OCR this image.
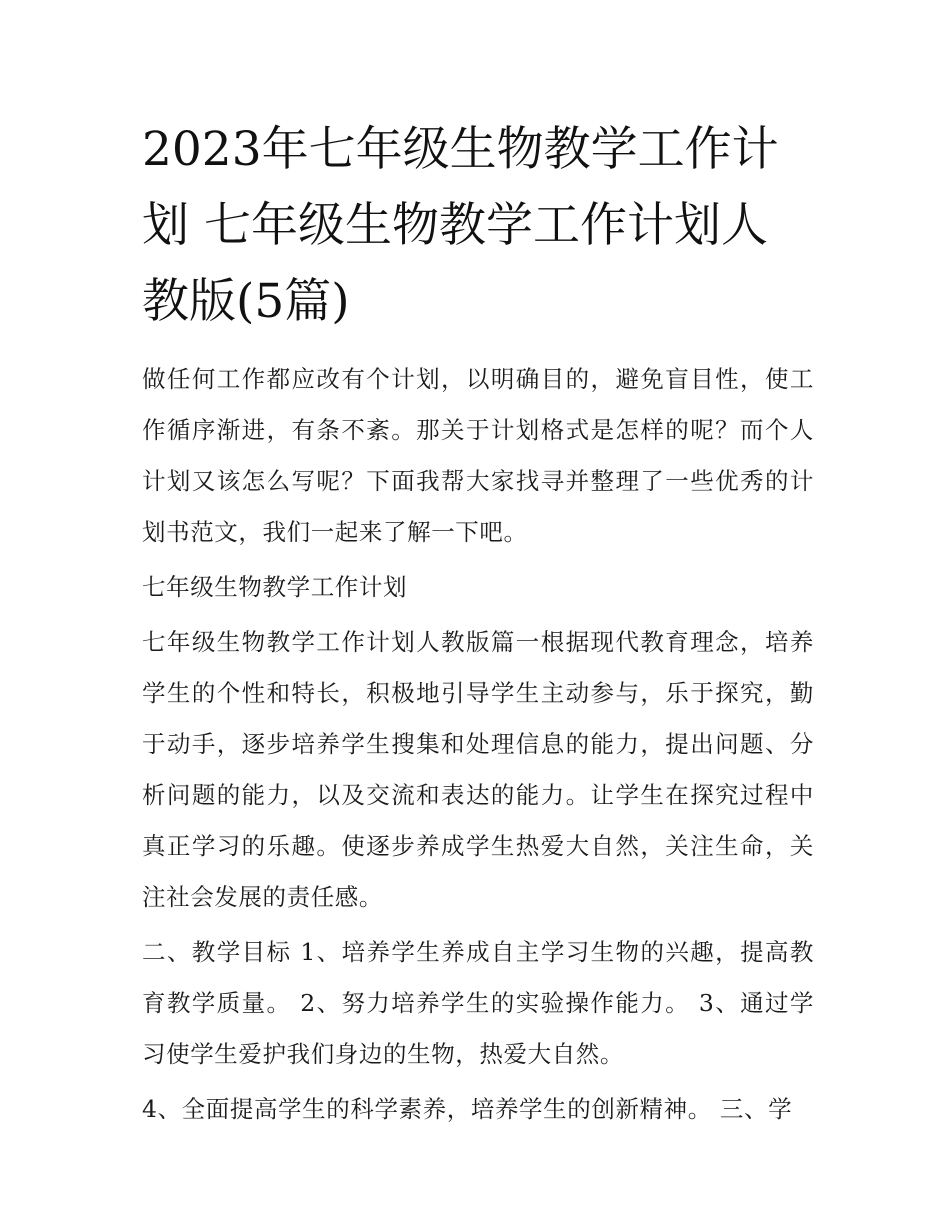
2023年七年级生物教学工作计划 七年级生物教学工作计划人教版(5篇)

做任何工作都应改有个计划，以明确目的，避免盲目性，使工作循序渐进，有条不紊。那关于计划格式是怎样的呢？而个人计划又该怎么写呢？下面我帮大家找寻并整理了一些优秀的计划书范文，我们一起来了解一下吧。

七年级生物教学工作计划

七年级生物教学工作计划人教版篇一根据现代教育理念，培养学生的个性和特长，积极地引导学生主动参与，乐于探究，勤于动手，逐步培养学生搜集和处理信息的能力，提出问题、分析问题的能力，以及交流和表达的能力。让学生在探究过程中真正学习的乐趣。使逐步养成学生热爱大自然，关注生命，关注社会发展的责任感。

二、教学目标 1、培养学生养成自主学习生物的兴趣，提高教育教学质量。 2、努力培养学生的实验操作能力。 3、通过学习使学生爱护我们身边的生物，热爱大自然。

4、全面提高学生的科学素养，培养学生的创新精神。 三、学
